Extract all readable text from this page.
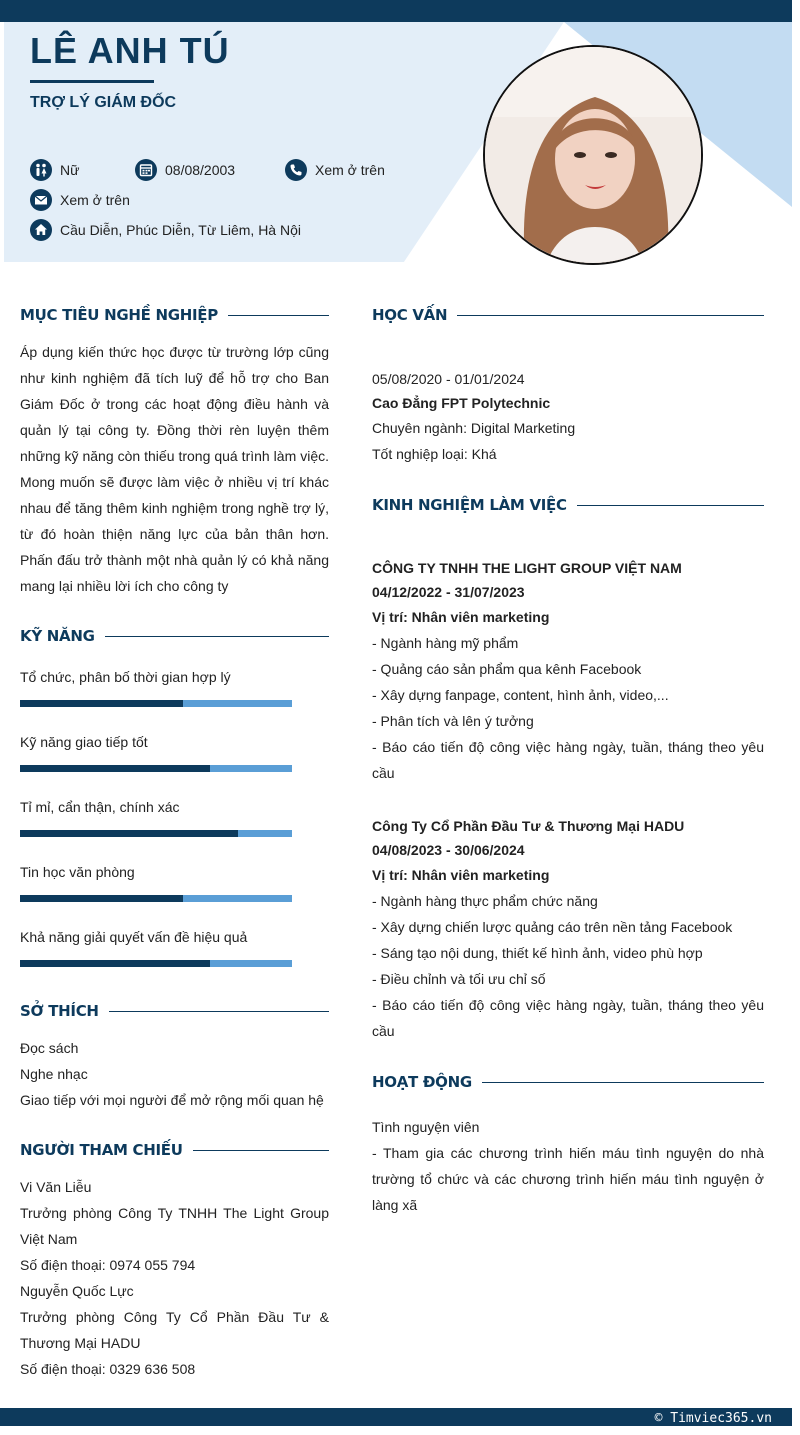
LÊ ANH TÚ
TRỢ LÝ GIÁM ĐỐC
Nữ	08/08/2003	Xem ở trên
Xem ở trên
Cầu Diễn, Phúc Diễn, Từ Liêm, Hà Nội
MỤC TIÊU NGHỀ NGHIỆP
Áp dụng kiến thức học được từ trường lớp cũng như kinh nghiệm đã tích luỹ để hỗ trợ cho Ban Giám Đốc ở trong các hoạt động điều hành và quản lý tại công ty. Đồng thời rèn luyện thêm những kỹ năng còn thiếu trong quá trình làm việc. Mong muốn sẽ được làm việc ở nhiều vị trí khác nhau để tăng thêm kinh nghiệm trong nghề trợ lý, từ đó hoàn thiện năng lực của bản thân hơn. Phấn đấu trở thành một nhà quản lý có khả năng mang lại nhiều lời ích cho công ty
KỸ NĂNG
Tổ chức, phân bố thời gian hợp lý
Kỹ năng giao tiếp tốt
Tỉ mỉ, cẩn thận, chính xác
Tin học văn phòng
Khả năng giải quyết vấn đề hiệu quả
SỞ THÍCH
Đọc sách
Nghe nhạc
Giao tiếp với mọi người để mở rộng mối quan hệ
NGƯỜI THAM CHIẾU
Vi Văn Liễu
Trưởng phòng Công Ty TNHH The Light Group Việt Nam
Số điện thoại: 0974 055 794
Nguyễn Quốc Lực
Trưởng phòng Công Ty Cổ Phần Đầu Tư & Thương Mại HADU
Số điện thoại: 0329 636 508
HỌC VẤN
05/08/2020 - 01/01/2024
Cao Đẳng FPT Polytechnic
Chuyên ngành: Digital Marketing
Tốt nghiệp loại: Khá
KINH NGHIỆM LÀM VIỆC
CÔNG TY TNHH THE LIGHT GROUP VIỆT NAM
04/12/2022 - 31/07/2023
Vị trí: Nhân viên marketing
- Ngành hàng mỹ phẩm
- Quảng cáo sản phẩm qua kênh Facebook
- Xây dựng fanpage, content, hình ảnh, video,...
- Phân tích và lên ý tưởng
- Báo cáo tiến độ công việc hàng ngày, tuần, tháng theo yêu cầu
Công Ty Cổ Phần Đầu Tư & Thương Mại HADU
04/08/2023 - 30/06/2024
Vị trí: Nhân viên marketing
- Ngành hàng thực phẩm chức năng
- Xây dựng chiến lược quảng cáo trên nền tảng Facebook
- Sáng tạo nội dung, thiết kế hình ảnh, video phù hợp
- Điều chỉnh và tối ưu chỉ số
- Báo cáo tiến độ công việc hàng ngày, tuần, tháng theo yêu cầu
HOẠT ĐỘNG
Tình nguyện viên
- Tham gia các chương trình hiến máu tình nguyện do nhà trường tổ chức và các chương trình hiến máu tình nguyện ở làng xã
© Timviec365.vn
